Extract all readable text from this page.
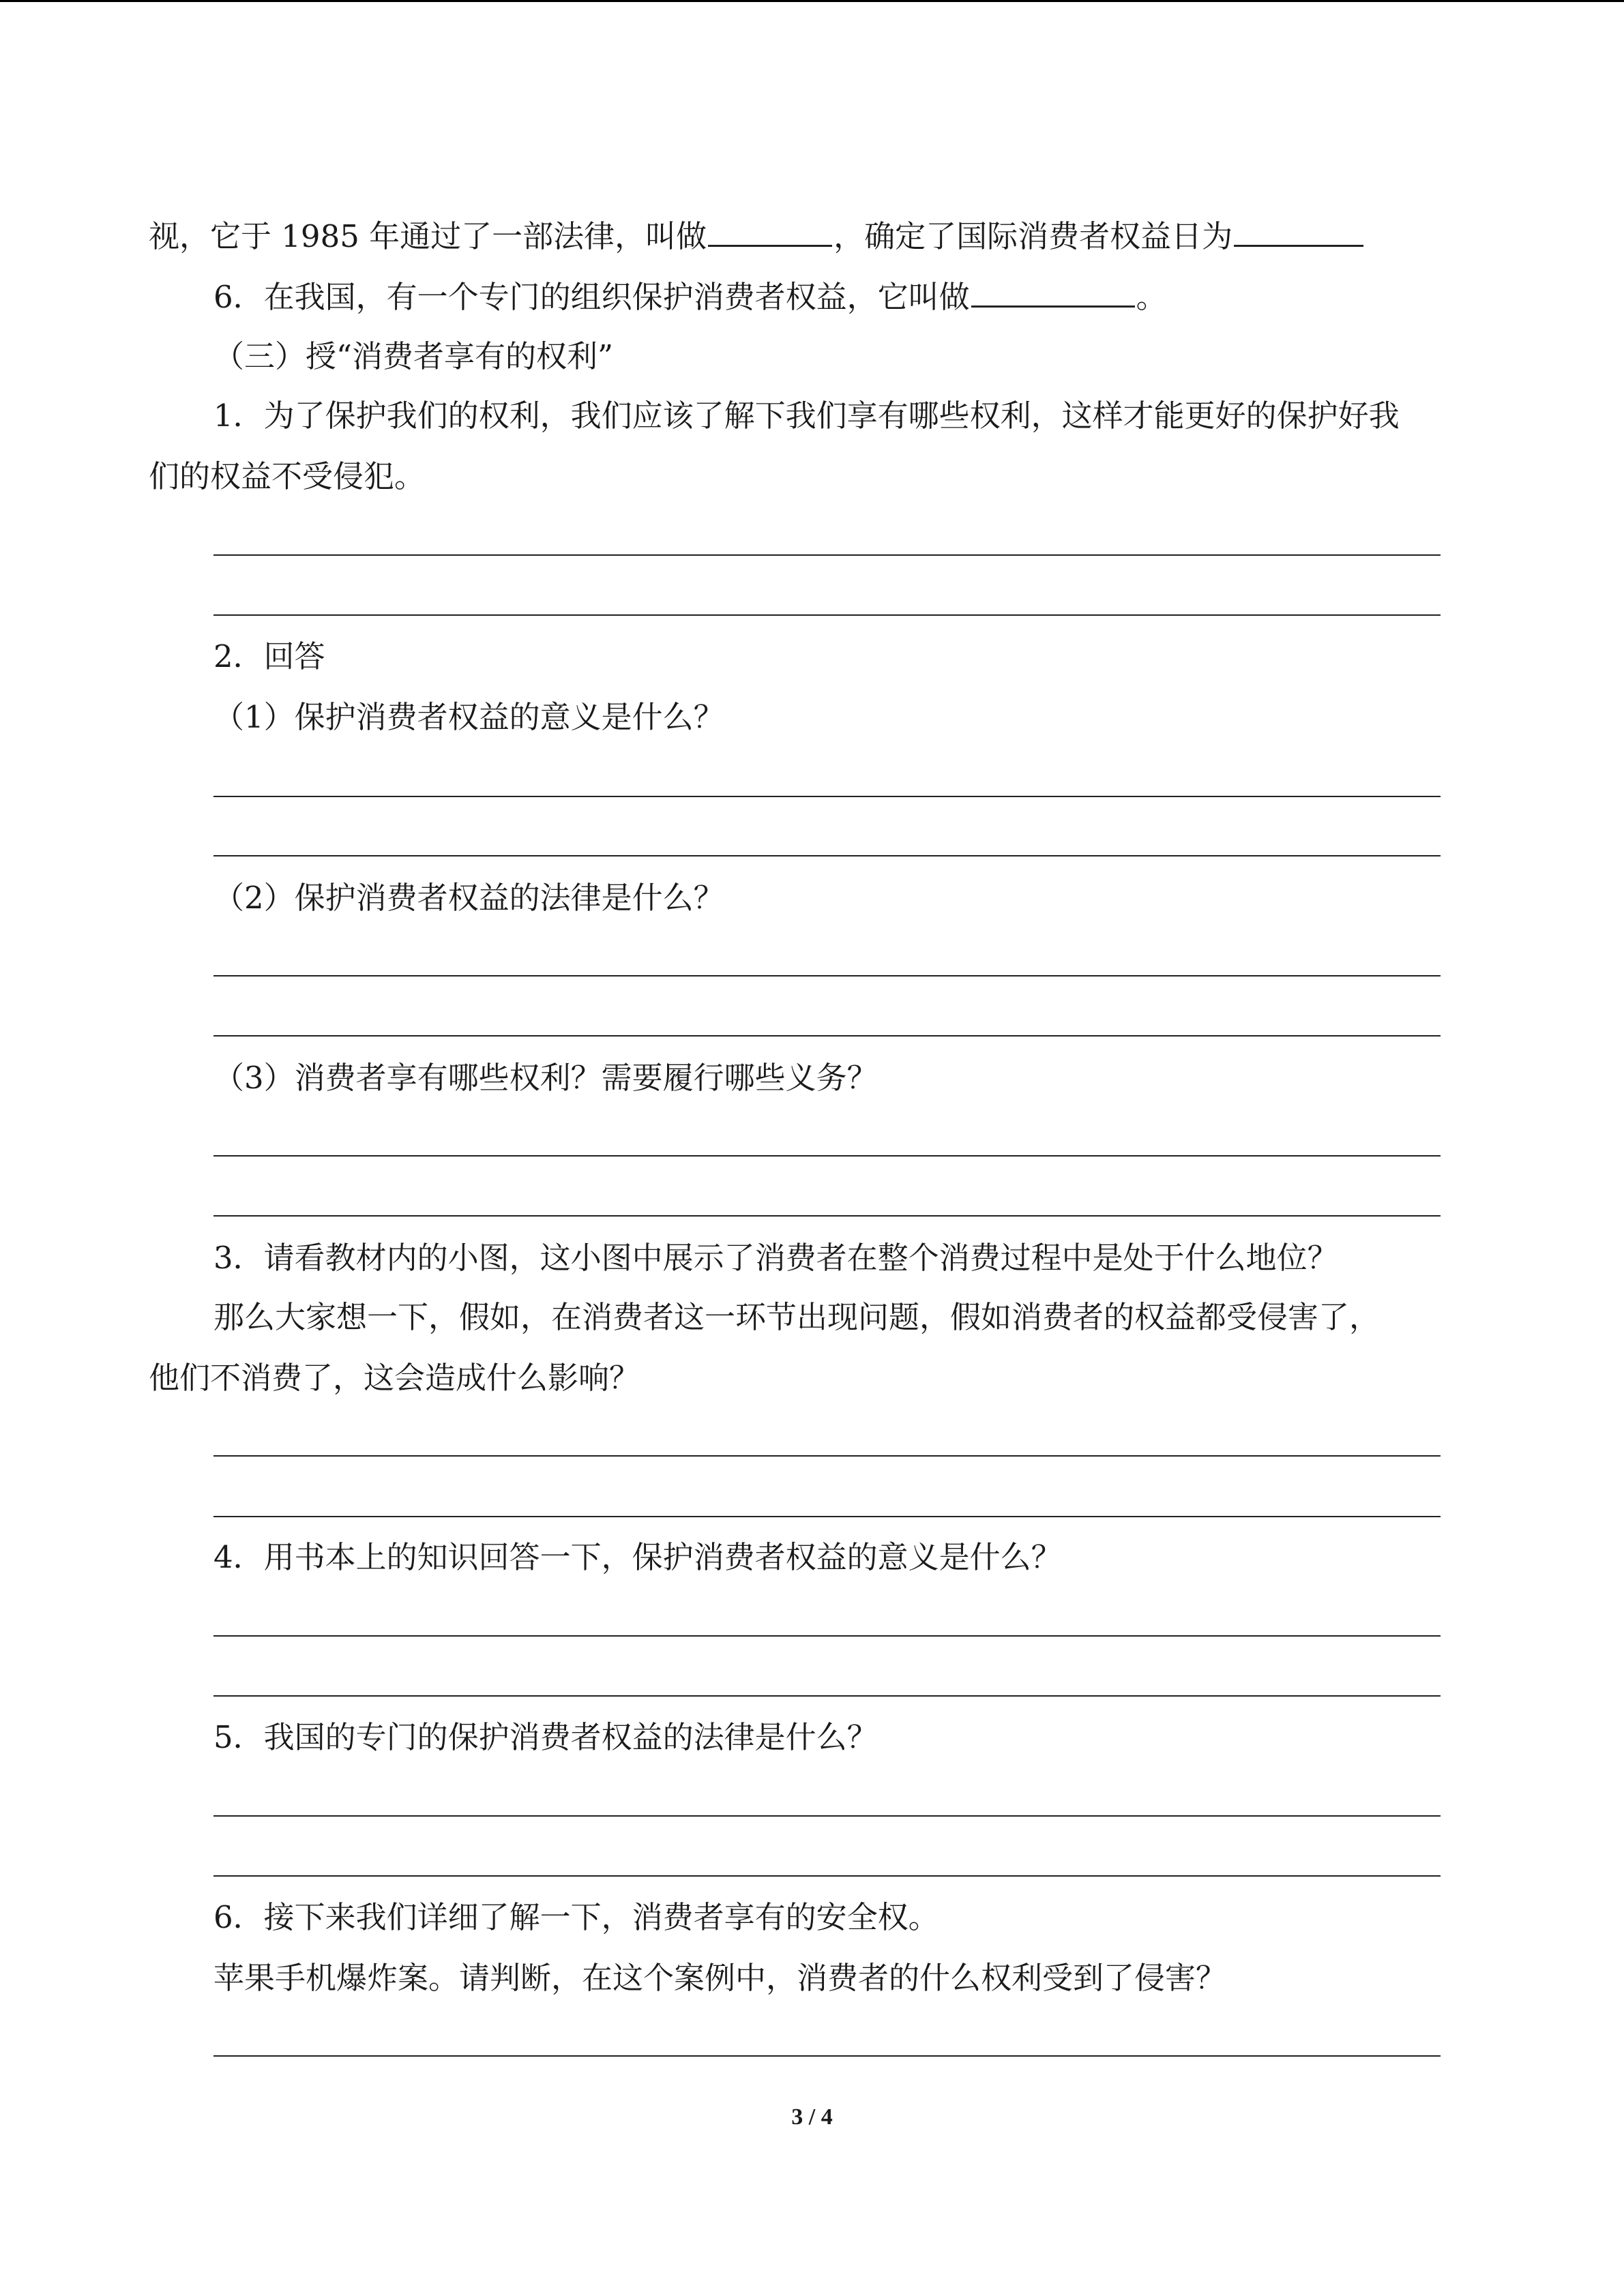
视，它于 1985 年通过了一部法律，叫做	，确定了国际消费者权益日为
6．在我国，有一个专门的组织保护消费者权益，它叫做	。
（三）授“消费者享有的权利”
1．为了保护我们的权利，我们应该了解下我们享有哪些权利，这样才能更好的保护好我
们的权益不受侵犯。
2．回答
（1）保护消费者权益的意义是什么？
（2）保护消费者权益的法律是什么？
（3）消费者享有哪些权利？需要履行哪些义务？
3．请看教材内的小图，这小图中展示了消费者在整个消费过程中是处于什么地位？
那么大家想一下，假如，在消费者这一环节出现问题，假如消费者的权益都受侵害了，
他们不消费了，这会造成什么影响？
4．用书本上的知识回答一下，保护消费者权益的意义是什么？
5．我国的专门的保护消费者权益的法律是什么？
6．接下来我们详细了解一下，消费者享有的安全权。
苹果手机爆炸案。请判断，在这个案例中，消费者的什么权利受到了侵害？
3 / 4
